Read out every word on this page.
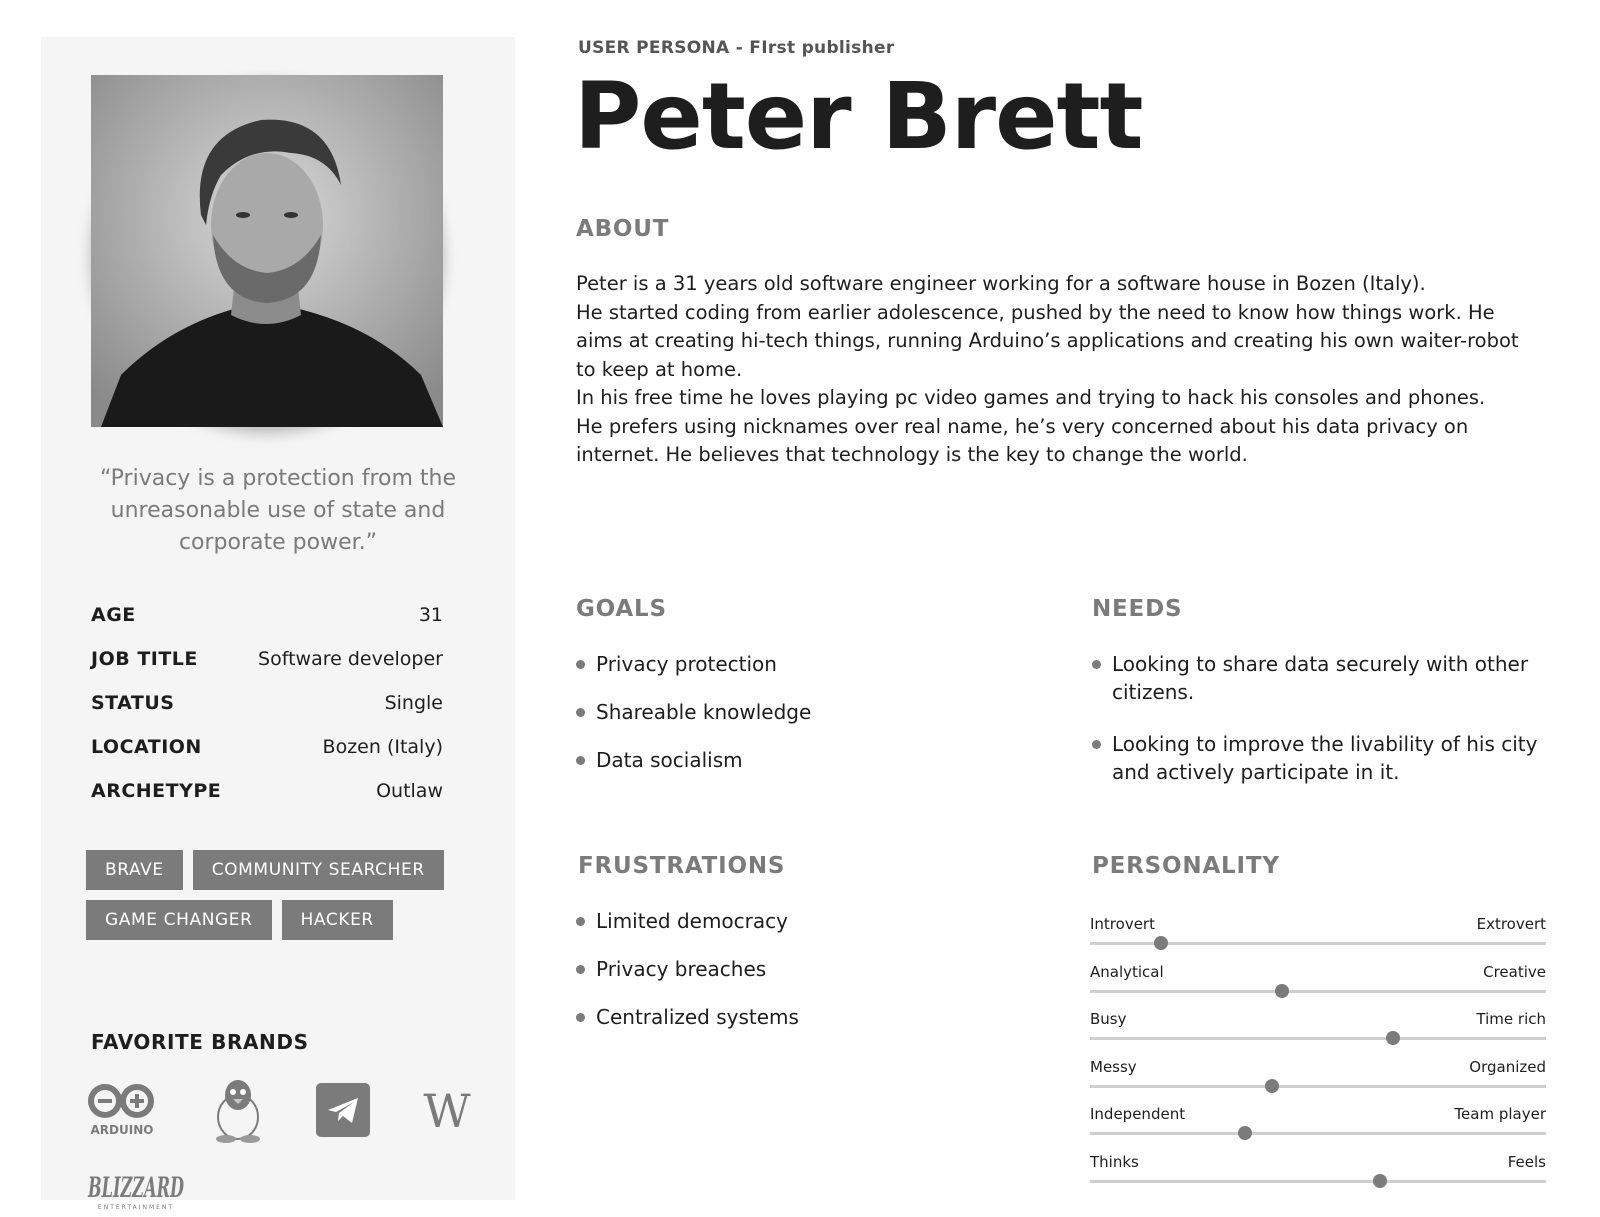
“Privacy is a protection from the unreasonable use of state and corporate power.”
AGE	31
JOB TITLE	Software developer
STATUS	Single
LOCATION	Bozen (Italy)
ARCHETYPE	Outlaw
BRAVE	COMMUNITY SEARCHER
GAME CHANGER	HACKER
FAVORITE BRANDS
ARDUINO	W
BLIZZARD
ENTERTAINMENT
USER PERSONA - FIrst publisher
Peter Brett
ABOUT

Peter is a 31 years old software engineer working for a software house in Bozen (Italy).

He started coding from earlier adolescence, pushed by the need to know how things work. He aims at creating hi-tech things, running Arduino’s applications and creating his own waiter-robot to keep at home.

In his free time he loves playing pc video games and trying to hack his consoles and phones.

He prefers using nicknames over real name, he’s very concerned about his data privacy on internet. He believes that technology is the key to change the world.

GOALS
Privacy protection
Shareable knowledge
Data socialism
NEEDS
Looking to share data securely with other citizens.
Looking to improve the livability of his city and actively participate in it.
FRUSTRATIONS
Limited democracy
Privacy breaches
Centralized systems
PERSONALITY
Introvert	Extrovert
Analytical	Creative
Busy	Time rich
Messy	Organized
Independent	Team player
Thinks	Feels
